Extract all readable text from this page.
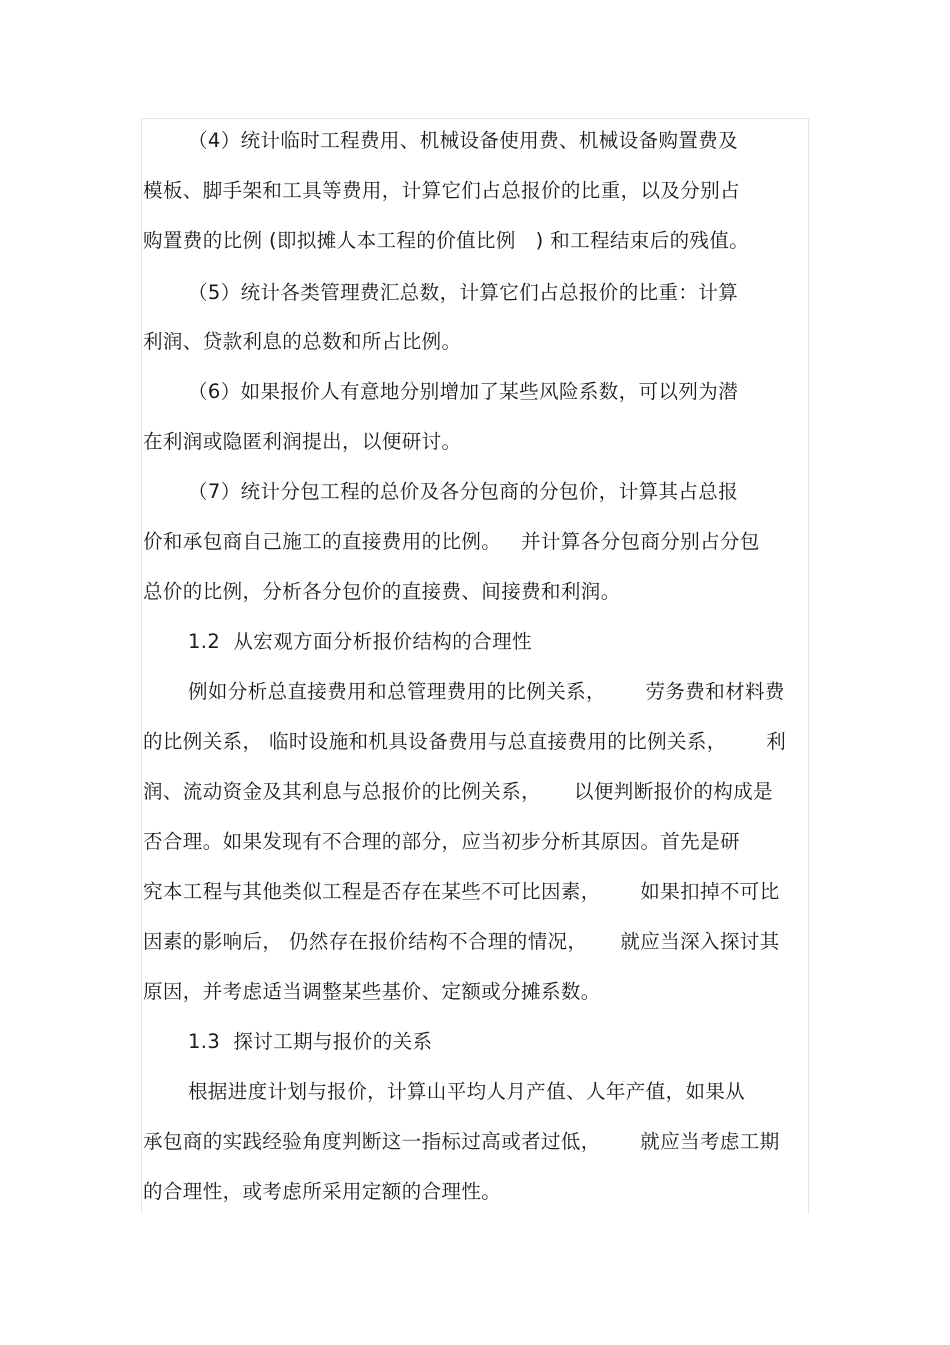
（4）统计临时工程费用、机械设备使用费、机械设备购置费及
模板、脚手架和工具等费用，计算它们占总报价的比重，以及分别占
购置费的比例 (即拟摊人本工程的价值比例   ) 和工程结束后的残值。
（5）统计各类管理费汇总数，计算它们占总报价的比重：计算
利润、贷款利息的总数和所占比例。
（6）如果报价人有意地分别增加了某些风险系数，可以列为潜
在利润或隐匿利润提出，以便研讨。
（7）统计分包工程的总价及各分包商的分包价，计算其占总报
价和承包商自己施工的直接费用的比例。   并计算各分包商分别占分包
总价的比例，分析各分包价的直接费、间接费和利润。
1.2  从宏观方面分析报价结构的合理性
例如分析总直接费用和总管理费用的比例关系，      劳务费和材料费
的比例关系， 临时设施和机具设备费用与总直接费用的比例关系，      利
润、流动资金及其利息与总报价的比例关系，     以便判断报价的构成是
否合理。如果发现有不合理的部分，应当初步分析其原因。首先是研
究本工程与其他类似工程是否存在某些不可比因素，      如果扣掉不可比
因素的影响后， 仍然存在报价结构不合理的情况，     就应当深入探讨其
原因，并考虑适当调整某些基价、定额或分摊系数。
1.3  探讨工期与报价的关系
根据进度计划与报价，计算山平均人月产值、人年产值，如果从
承包商的实践经验角度判断这一指标过高或者过低，      就应当考虑工期
的合理性，或考虑所采用定额的合理性。
